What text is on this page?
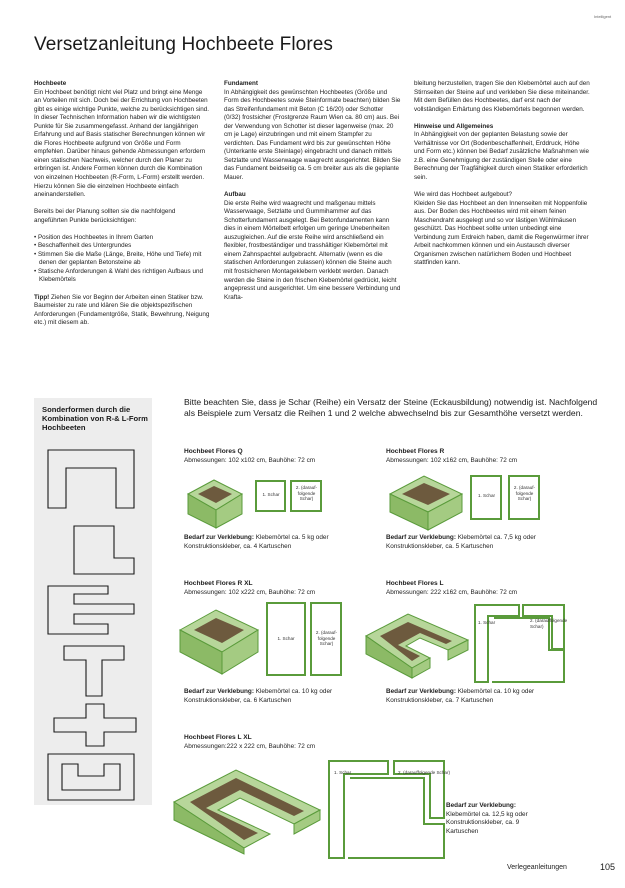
Intelligent
Versetzanleitung Hochbeete Flores

Hochbeete
Ein Hochbeet benötigt nicht viel Platz und bringt eine Menge an Vorteilen mit sich. Doch bei der Errichtung von Hochbeeten gibt es einige wichtige Punkte, welche zu berücksichtigen sind. In dieser Technischen Information haben wir die wichtigsten Punkte für Sie zusammengefasst. Anhand der langjährigen Erfahrung und auf Basis statischer Berechnungen können wir die Flores Hochbeete aufgrund von Größe und Form empfehlen. Darüber hinaus gehende Abmessungen erfordern einen statischen Nachweis, welcher durch den Planer zu erbringen ist. Andere Formen können durch die Kombination von einzelnen Hochbeeten (R-Form, L-Form) erstellt werden. Hierzu können Sie die einzelnen Hochbeete einfach aneinanderstellen.

Bereits bei der Planung sollten sie die nachfolgend angeführten Punkte berücksichtigen:

• Position des Hochbeetes in Ihrem Garten
• Beschaffenheit des Untergrundes
• Stimmen Sie die Maße (Länge, Breite, Höhe und Tiefe) mit denen der geplanten Betonsteine ab
• Statische Anforderungen & Wahl des richtigen Aufbaus und Klebemörtels

Tipp! Ziehen Sie vor Beginn der Arbeiten einen Statiker bzw. Baumeister zu rate und klären Sie die objektspezifischen Anforderungen (Fundamentgröße, Statik, Bewehrung, Neigung etc.) mit diesem ab.

Fundament
In Abhängigkeit des gewünschten Hochbeetes (Größe und Form des Hochbeetes sowie Steinformate beachten) bilden Sie das Streifenfundament mit Beton (C 16/20) oder Schotter (0/32) frostsicher (Frostgrenze Raum Wien ca. 80 cm) aus. Bei der Verwendung von Schotter ist dieser lagenweise (max. 20 cm je Lage) einzubringen und mit einem Stampfer zu verdichten. Das Fundament wird bis zur gewünschten Höhe (Unterkante erste Steinlage) eingebracht und danach mittels Setzlatte und Wasserwaage waagrecht ausgerichtet. Bilden Sie das Fundament beidseitig ca. 5 cm breiter aus als die geplante Mauer.

Aufbau
Die erste Reihe wird waagrecht und maßgenau mittels Wasserwaage, Setzlatte und Gummihammer auf das Schotterfundament ausgelegt. Bei Betonfundamenten kann dies in einem Mörtelbett erfolgen um geringe Unebenheiten auszugleichen. Auf die erste Reihe wird anschließend ein flexibler, frostbeständiger und trasshältiger Klebemörtel mit einem Zahnspachtel aufgebracht. Alternativ (wenn es die statischen Anforderungen zulassen) können die Steine auch mit frostsicheren Montageklebern verklebt werden. Danach werden die Steine in den frischen Klebemörtel gedrückt, leicht angepresst und ausgerichtet. Um eine bessere Verbindung und Krafta-

bleitung herzustellen, tragen Sie den Klebemörtel auch auf den Stirnseiten der Steine auf und verkleben Sie diese miteinander. Mit dem Befüllen des Hochbeetes, darf erst nach der vollständigen Erhärtung des Klebemörtels begonnen werden.

Hinweise und Allgemeines
In Abhängigkeit von der geplanten Belastung sowie der Verhältnisse vor Ort (Bodenbeschaffenheit, Erddruck, Höhe und Form etc.) können bei Bedarf zusätzliche Maßnahmen wie z.B. eine Genehmigung der zuständigen Stelle oder eine Berechnung der Tragfähigkeit durch einen Statiker erforderlich sein.

Wie wird das Hochbeet aufgebout?
Kleiden Sie das Hochbeet an den Innenseiten mit Noppenfolie aus. Der Boden des Hochbeetes wird mit einem feinen Maschendraht ausgelegt und so vor lästigen Wühlmäusen geschützt. Das Hochbeet sollte unten unbedingt eine Verbindung zum Erdreich haben, damit die Regenwürmer ihrer Arbeit nachkommen können und ein Austausch diverser Organismen zwischen natürlichem Boden und Hochbeet stattfinden kann.

Sonderformen durch die Kombination von R-& L-Form Hochbeeten
Bitte beachten Sie, dass je Schar (Reihe) ein Versatz der Steine (Eckausbildung) notwendig ist. Nachfolgend als Beispiele zum Versatz die Reihen 1 und 2 welche abwechselnd bis zur Gesamthöhe versetzt werden.
Hochbeet Flores Q
Abmessungen: 102 x102 cm, Bauhöhe: 72 cm
1. Schar
2. (darauf-folgende Schar)
Bedarf zur Verklebung: Klebemörtel ca. 5 kg oder Konstruktionskleber, ca. 4 Kartuschen
Hochbeet Flores R
Abmessungen: 102 x162 cm, Bauhöhe: 72 cm
1. Schar
2. (darauf-folgende Schar)
Bedarf zur Verklebung: Klebemörtel ca. 7,5 kg oder Konstruktionskleber, ca. 5 Kartuschen
Hochbeet Flores R XL
Abmessungen: 102 x222 cm, Bauhöhe: 72 cm
1. Schar
2. (darauf-folgende Schar)
Bedarf zur Verklebung: Klebemörtel ca. 10 kg oder Konstruktionskleber, ca. 6 Kartuschen
Hochbeet Flores L
Abmessungen: 222 x162 cm, Bauhöhe: 72 cm
1. Schar	2. (darauffolgende Schar)
Bedarf zur Verklebung: Klebemörtel ca. 10 kg oder Konstruktionskleber, ca. 7 Kartuschen
Hochbeet Flores L XL
Abmessungen:222 x 222 cm, Bauhöhe: 72 cm
1. Schar	2. (darauffolgende Schar)
Bedarf zur Verklebung:
Klebemörtel ca. 12,5 kg oder Konstruktionskleber, ca. 9 Kartuschen
Verlegeanleitungen	105
